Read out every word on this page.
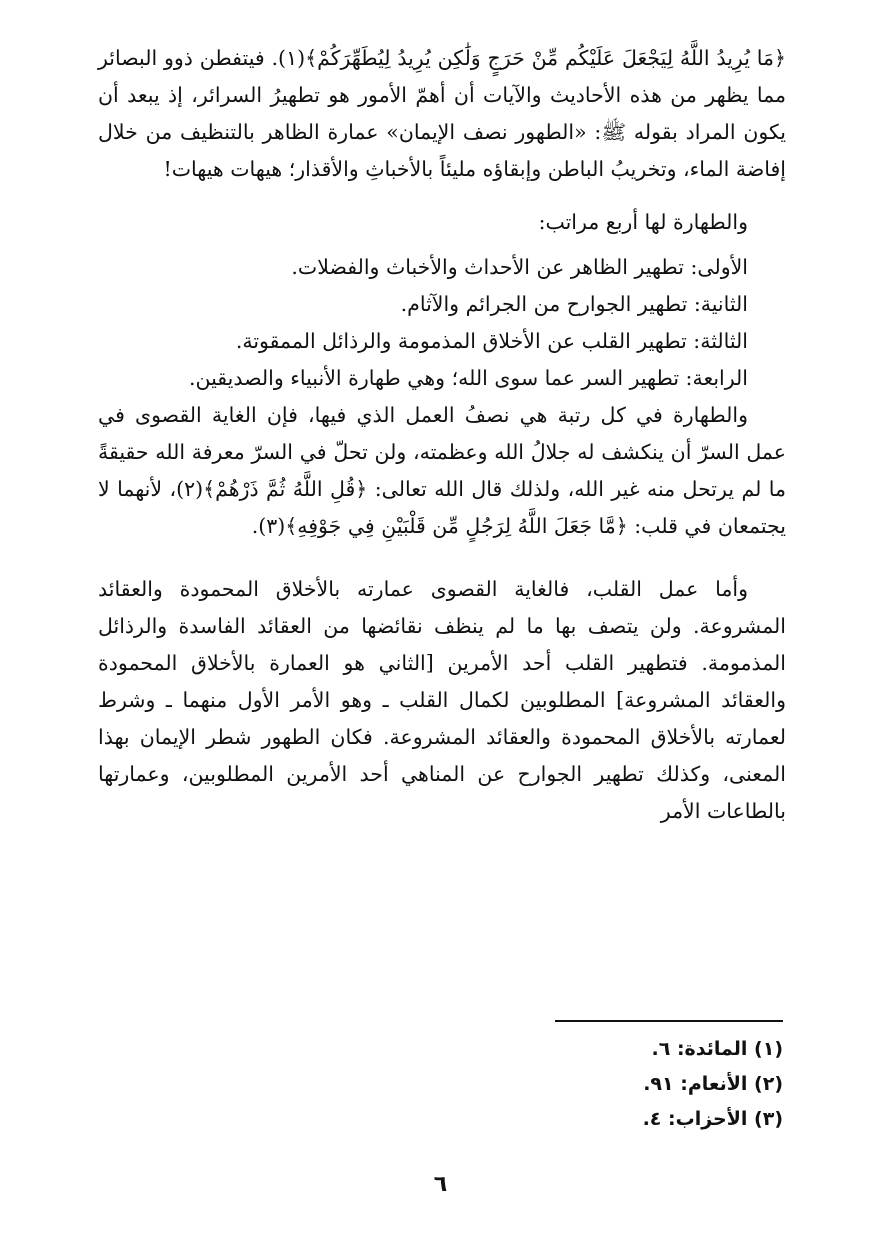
﴿مَا يُرِيدُ اللَّهُ لِيَجْعَلَ عَلَيْكُم مِّنْ حَرَجٍ وَلَٰكِن يُرِيدُ لِيُطَهِّرَكُمْ﴾(١). فيتفطن ذوو البصائر مما يظهر من هذه الأحاديث والآيات أن أهمّ الأمور هو تطهيرُ السرائر، إذ يبعد أن يكون المراد بقوله ﷺ: «الطهور نصف الإيمان» عمارة الظاهر بالتنظيف من خلال إفاضة الماء، وتخريبُ الباطن وإبقاؤه مليئاً بالأخباثِ والأقذار؛ هيهات هيهات!

والطهارة لها أربع مراتب:

الأولى: تطهير الظاهر عن الأحداث والأخباث والفضلات.
الثانية: تطهير الجوارح من الجرائم والآثام.
الثالثة: تطهير القلب عن الأخلاق المذمومة والرذائل الممقوتة.
الرابعة: تطهير السر عما سوى الله؛ وهي طهارة الأنبياء والصديقين.

والطهارة في كل رتبة هي نصفُ العمل الذي فيها، فإن الغاية القصوى في عمل السرّ أن ينكشف له جلالُ الله وعظمته، ولن تحلّ في السرّ معرفة الله حقيقةً ما لم يرتحل منه غير الله، ولذلك قال الله تعالى: ﴿قُلِ اللَّهُ ثُمَّ ذَرْهُمْ﴾(٢)، لأنهما لا يجتمعان في قلب: ﴿مَّا جَعَلَ اللَّهُ لِرَجُلٍ مِّن قَلْبَيْنِ فِي جَوْفِهِ﴾(٣).

وأما عمل القلب، فالغاية القصوى عمارته بالأخلاق المحمودة والعقائد المشروعة. ولن يتصف بها ما لم ينظف نقائضها من العقائد الفاسدة والرذائل المذمومة. فتطهير القلب أحد الأمرين [الثاني هو العمارة بالأخلاق المحمودة والعقائد المشروعة] المطلوبين لكمال القلب ـ وهو الأمر الأول منهما ـ وشرط لعمارته بالأخلاق المحمودة والعقائد المشروعة. فكان الطهور شطر الإيمان بهذا المعنى، وكذلك تطهير الجوارح عن المناهي أحد الأمرين المطلوبين، وعمارتها بالطاعات الأمر

(١) المائدة: ٦.
(٢) الأنعام: ٩١.
(٣) الأحزاب: ٤.
٦
